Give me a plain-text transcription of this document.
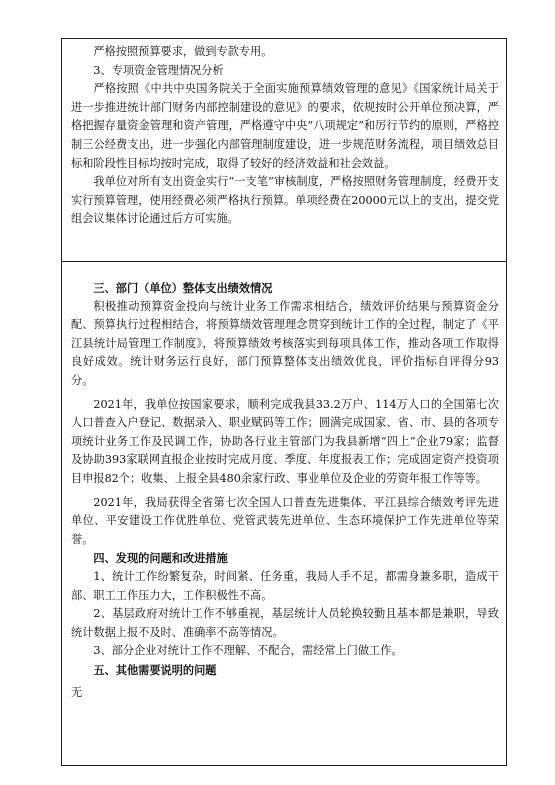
严格按照预算要求，做到专款专用。

3、专项资金管理情况分析

严格按照《中共中央国务院关于全面实施预算绩效管理的意见》《国家统计局关于进一步推进统计部门财务内部控制建设的意见》的要求，依规按时公开单位预决算，严格把握存量资金管理和资产管理，严格遵守中央“八项规定”和厉行节约的原则，严格控制三公经费支出，进一步强化内部管理制度建设，进一步规范财务流程，项目绩效总目标和阶段性目标均按时完成，取得了较好的经济效益和社会效益。

我单位对所有支出资金实行“一支笔”审核制度，严格按照财务管理制度，经费开支实行预算管理，使用经费必须严格执行预算。单项经费在20000元以上的支出，提交党组会议集体讨论通过后方可实施。

三、部门（单位）整体支出绩效情况

积极推动预算资金投向与统计业务工作需求相结合，绩效评价结果与预算资金分配、预算执行过程相结合，将预算绩效管理理念贯穿到统计工作的全过程，制定了《平江县统计局管理工作制度》，将预算绩效考核落实到每项具体工作，推动各项工作取得良好成效。统计财务运行良好，部门预算整体支出绩效优良，评价指标自评得分93分。

2021年，我单位按国家要求，顺利完成我县33.2万户、114万人口的全国第七次人口普查入户登记、数据录入、职业赋码等工作；圆满完成国家、省、市、县的各项专项统计业务工作及民调工作，协助各行业主管部门为我县新增“四上”企业79家；监督及协助393家联网直报企业按时完成月度、季度、年度报表工作；完成固定资产投资项目申报82个；收集、上报全县480余家行政、事业单位及企业的劳资年报工作等等。

2021年，我局获得全省第七次全国人口普查先进集体、平江县综合绩效考评先进单位、平安建设工作优胜单位、党管武装先进单位、生态环境保护工作先进单位等荣誉。

四、发现的问题和改进措施

1、统计工作纷繁复杂，时间紧、任务重，我局人手不足，都需身兼多职，造成干部、职工工作压力大，工作积极性不高。

2、基层政府对统计工作不够重视，基层统计人员轮换较勤且基本都是兼职，导致统计数据上报不及时、准确率不高等情况。

3、部分企业对统计工作不理解、不配合，需经常上门做工作。

五、其他需要说明的问题

无
